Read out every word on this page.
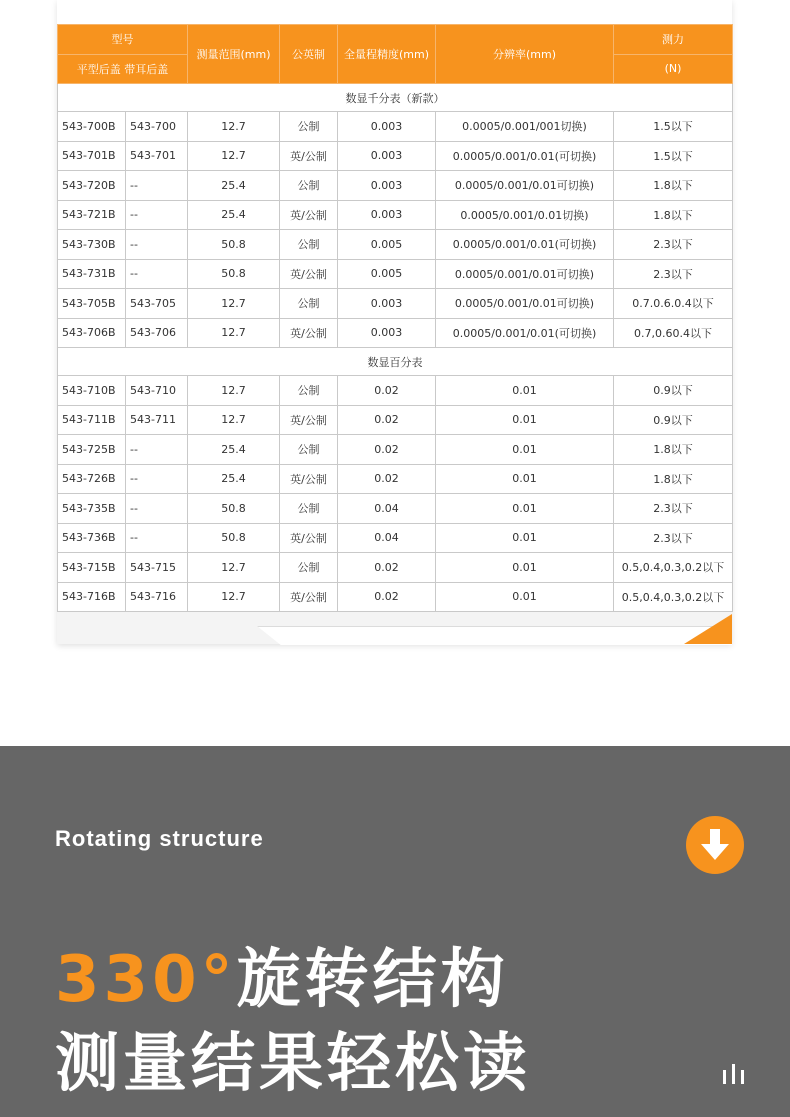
型号		测量范围(mm)	公英制	全量程精度(mm)	分辨率(mm)	测力
平型后盖 带耳后盖						(N)
数显千分表（新款）						
543-700B	543-700	12.7	公制	0.003	0.0005/0.001/001切换)	1.5以下
543-701B	543-701	12.7	英/公制	0.003	0.0005/0.001/0.01(可切换)	1.5以下
543-720B	--	25.4	公制	0.003	0.0005/0.001/0.01可切换)	1.8以下
543-721B	--	25.4	英/公制	0.003	0.0005/0.001/0.01切换)	1.8以下
543-730B	--	50.8	公制	0.005	0.0005/0.001/0.01(可切换)	2.3以下
543-731B	--	50.8	英/公制	0.005	0.0005/0.001/0.01可切换)	2.3以下
543-705B	543-705	12.7	公制	0.003	0.0005/0.001/0.01可切换)	0.7.0.6.0.4以下
543-706B	543-706	12.7	英/公制	0.003	0.0005/0.001/0.01(可切换)	0.7,0.60.4以下
数显百分表						
543-710B	543-710	12.7	公制	0.02	0.01	0.9以下
543-711B	543-711	12.7	英/公制	0.02	0.01	0.9以下
543-725B	--	25.4	公制	0.02	0.01	1.8以下
543-726B	--	25.4	英/公制	0.02	0.01	1.8以下
543-735B	--	50.8	公制	0.04	0.01	2.3以下
543-736B	--	50.8	英/公制	0.04	0.01	2.3以下
543-715B	543-715	12.7	公制	0.02	0.01	0.5,0.4,0.3,0.2以下
543-716B	543-716	12.7	英/公制	0.02	0.01	0.5,0.4,0.3,0.2以下
Rotating structure
330°旋转结构
测量结果轻松读
